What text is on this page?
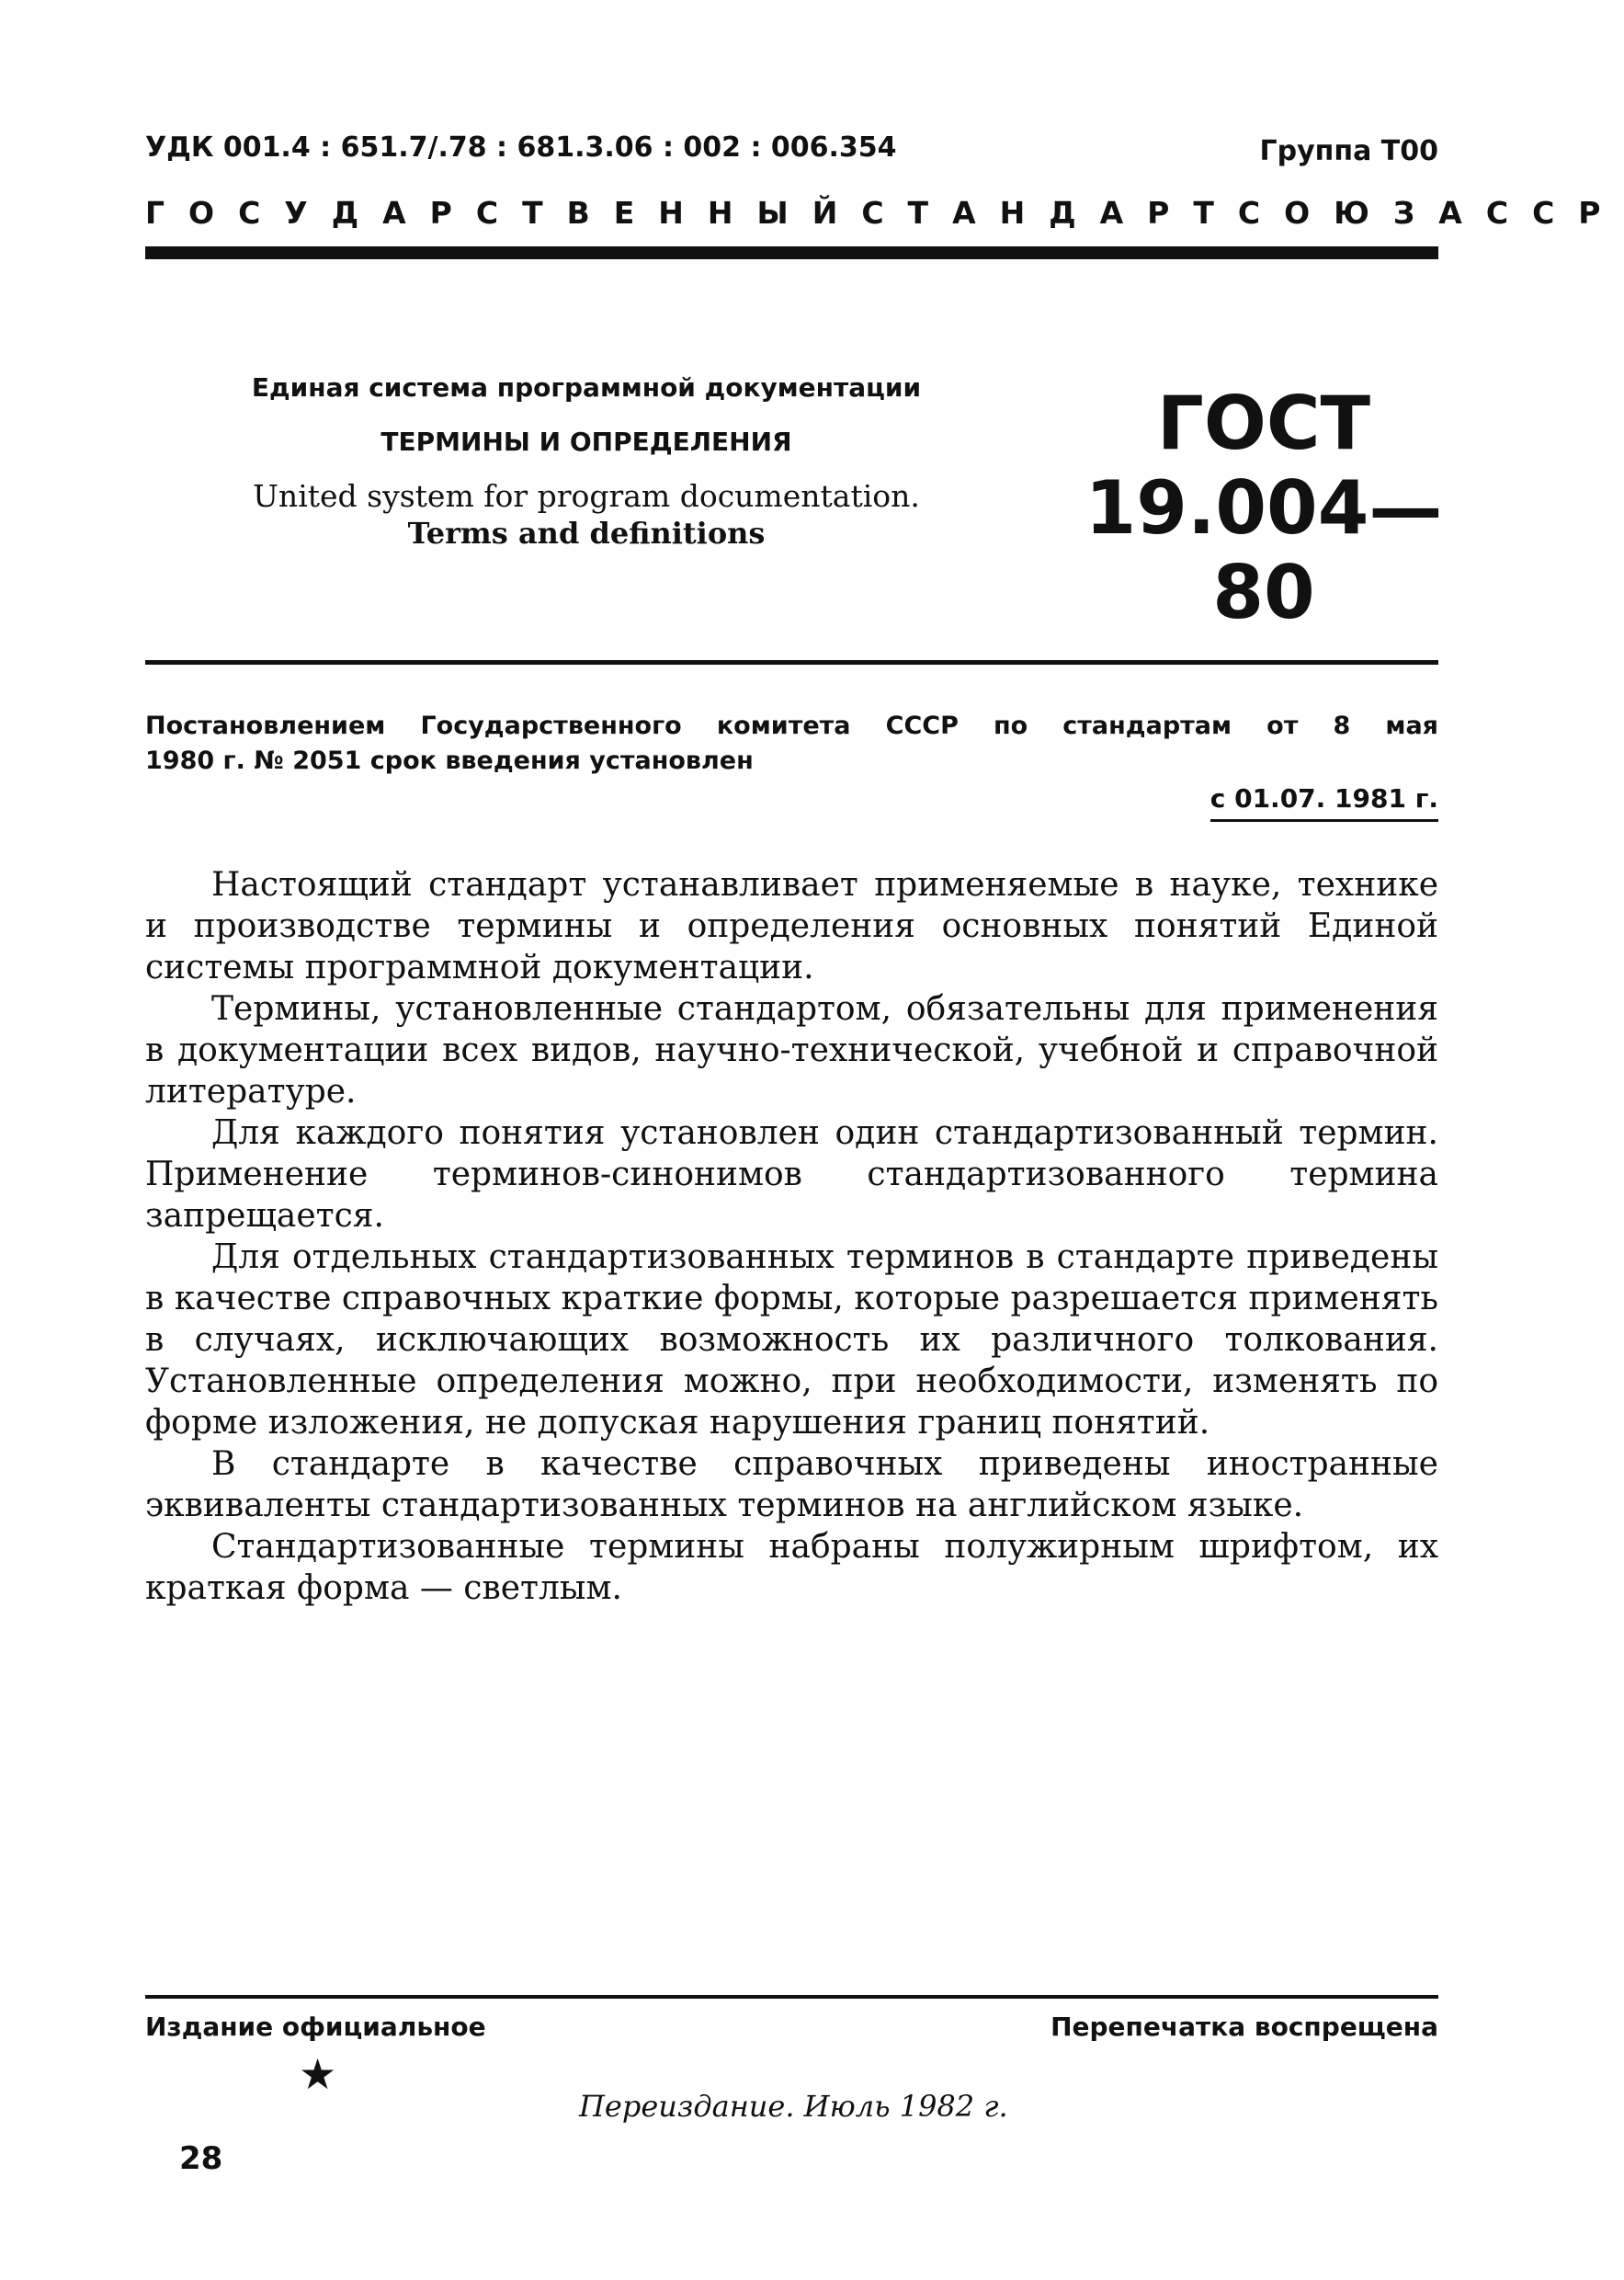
УДК 001.4 : 651.7/.78 : 681.3.06 : 002 : 006.354	Группа Т00
ГОСУДАРСТВЕННЫЙ СТАНДАРТ СОЮЗА ССР
Единая система программной документации
ТЕРМИНЫ И ОПРЕДЕЛЕНИЯ
United system for program documentation.
Terms and definitions
ГОСТ
19.004—80
Постановлением Государственного комитета СССР по стандартам от 8 мая
1980 г. № 2051 срок введения установлен
с 01.07. 1981 г.

Настоящий стандарт устанавливает применяемые в науке, технике и производстве термины и определения основных понятий Единой системы программной документации.

Термины, установленные стандартом, обязательны для применения в документации всех видов, научно-технической, учебной и справочной литературе.

Для каждого понятия установлен один стандартизованный термин. Применение терминов-синонимов стандартизованного термина запрещается.

Для отдельных стандартизованных терминов в стандарте приведены в качестве справочных краткие формы, которые разрешается применять в случаях, исключающих возможность их различного толкования. Установленные определения можно, при необходимости, изменять по форме изложения, не допуская нарушения границ понятий.

В стандарте в качестве справочных приведены иностранные эквиваленты стандартизованных терминов на английском языке.

Стандартизованные термины набраны полужирным шрифтом, их краткая форма — светлым.

Издание официальное	Перепечатка воспрещена
★
Переиздание. Июль 1982 г.
28
